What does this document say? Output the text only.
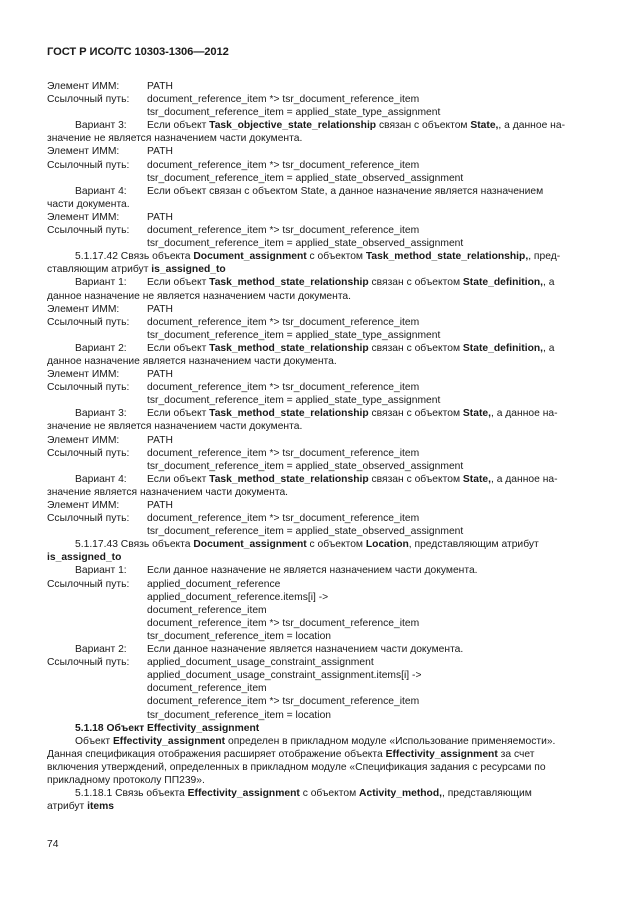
ГОСТ Р ИСО/ТС 10303-1306—2012
Элемент ИММ:	PATH
Ссылочный путь:	document_reference_item *> tsr_document_reference_item
tsr_document_reference_item = applied_state_type_assignment
Вариант 3:	Если объект Task_objective_state_relationship связан с объектом State,, а данное на-
значение не является назначением части документа.
Элемент ИММ:	PATH
Ссылочный путь:	document_reference_item *> tsr_document_reference_item
tsr_document_reference_item = applied_state_observed_assignment
Вариант 4:	Если объект связан с объектом State, а данное назначение является назначением
части документа.
Элемент ИММ:	PATH
Ссылочный путь:	document_reference_item *> tsr_document_reference_item
tsr_document_reference_item = applied_state_observed_assignment
5.1.17.42 Связь объекта Document_assignment с объектом Task_method_state_relationship,, пред-
ставляющим атрибут is_assigned_to
Вариант 1:	Если объект Task_method_state_relationship связан с объектом State_definition,, а
данное назначение не является назначением части документа.
Элемент ИММ:	PATH
Ссылочный путь:	document_reference_item *> tsr_document_reference_item
tsr_document_reference_item = applied_state_type_assignment
Вариант 2:	Если объект Task_method_state_relationship связан с объектом State_definition,, а
данное назначение является назначением части документа.
Элемент ИММ:	PATH
Ссылочный путь:	document_reference_item *> tsr_document_reference_item
tsr_document_reference_item = applied_state_type_assignment
Вариант 3:	Если объект Task_method_state_relationship связан с объектом State,, а данное на-
значение не является назначением части документа.
Элемент ИММ:	PATH
Ссылочный путь:	document_reference_item *> tsr_document_reference_item
tsr_document_reference_item = applied_state_observed_assignment
Вариант 4:	Если объект Task_method_state_relationship связан с объектом State,, а данное на-
значение является назначением части документа.
Элемент ИММ:	PATH
Ссылочный путь:	document_reference_item *> tsr_document_reference_item
tsr_document_reference_item = applied_state_observed_assignment
5.1.17.43 Связь объекта Document_assignment с объектом Location, представляющим атрибут
is_assigned_to
Вариант 1:	Если данное назначение не является назначением части документа.
Ссылочный путь:	applied_document_reference
applied_document_reference.items[i] ->
document_reference_item
document_reference_item *> tsr_document_reference_item
tsr_document_reference_item = location
Вариант 2:	Если данное назначение является назначением части документа.
Ссылочный путь:	applied_document_usage_constraint_assignment
applied_document_usage_constraint_assignment.items[i] ->
document_reference_item
document_reference_item *> tsr_document_reference_item
tsr_document_reference_item = location
5.1.18 Объект Effectivity_assignment
Объект Effectivity_assignment определен в прикладном модуле «Использование применяемости».
Данная спецификация отображения расширяет отображение объекта Effectivity_assignment за счет
включения утверждений, определенных в прикладном модуле «Спецификация задания с ресурсами по
прикладному протоколу ПП239».
5.1.18.1 Связь объекта Effectivity_assignment с объектом Activity_method,, представляющим
атрибут items
74
